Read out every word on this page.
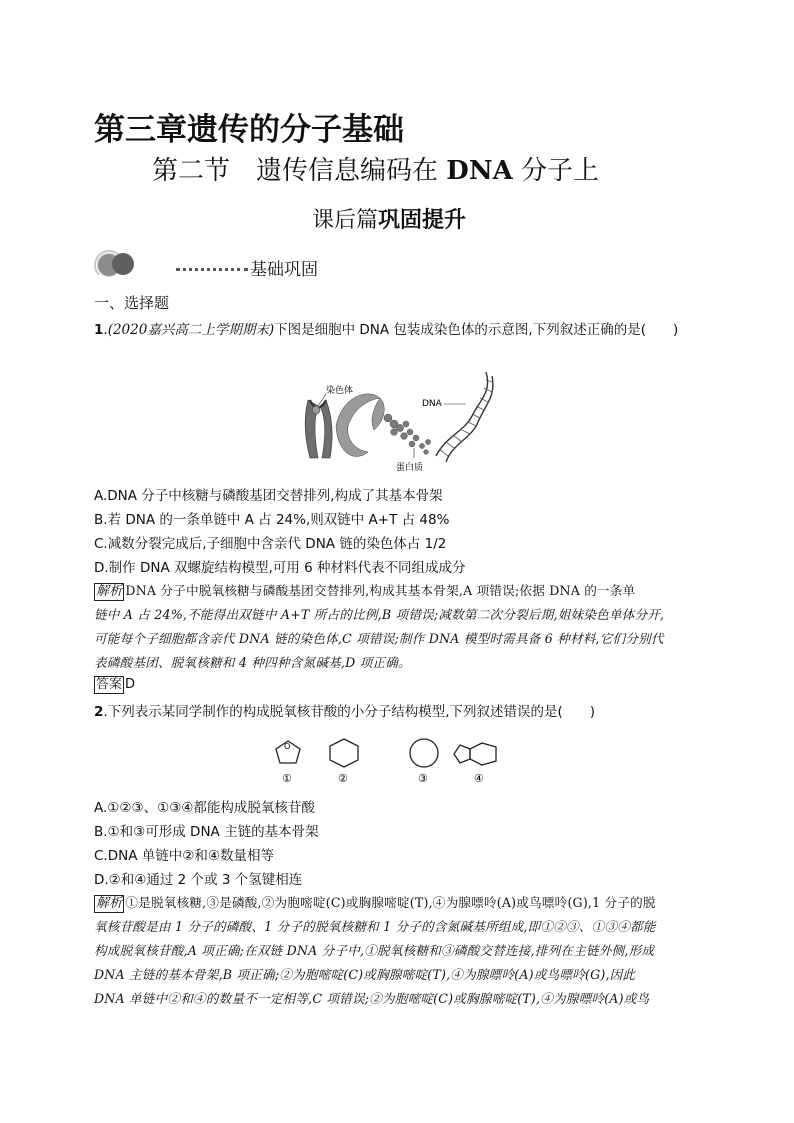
第三章遗传的分子基础
第二节 遗传信息编码在 DNA 分子上
课后篇巩固提升
基础巩固
一、选择题
1.(2020嘉兴高二上学期期末)下图是细胞中 DNA 包装成染色体的示意图,下列叙述正确的是(　　)
染色体
DNA
蛋白质
A.DNA 分子中核糖与磷酸基团交替排列,构成了其基本骨架
B.若 DNA 的一条单链中 A 占 24%,则双链中 A+T 占 48%
C.减数分裂完成后,子细胞中含亲代 DNA 链的染色体占 1/2
D.制作 DNA 双螺旋结构模型,可用 6 种材料代表不同组成成分
解析 DNA 分子中脱氧核糖与磷酸基团交替排列,构成其基本骨架,A 项错误;依据 DNA 的一条单
链中 A 占 24%,不能得出双链中 A+T 所占的比例,B 项错误;减数第二次分裂后期,姐妹染色单体分开,
可能每个子细胞都含亲代 DNA 链的染色体,C 项错误;制作 DNA 模型时需具备 6 种材料,它们分别代
表磷酸基团、脱氧核糖和 4 种四种含氮碱基,D 项正确。
答案 D
2.下列表示某同学制作的构成脱氧核苷酸的小分子结构模型,下列叙述错误的是(　　)
O
①	②	③	④
A.①②③、①③④都能构成脱氧核苷酸
B.①和③可形成 DNA 主链的基本骨架
C.DNA 单链中②和④数量相等
D.②和④通过 2 个或 3 个氢键相连
解析 ①是脱氧核糖,③是磷酸,②为胞嘧啶(C)或胸腺嘧啶(T),④为腺嘌呤(A)或鸟嘌呤(G),1 分子的脱
氧核苷酸是由 1 分子的磷酸、1 分子的脱氧核糖和 1 分子的含氮碱基所组成,即①②③、①③④都能
构成脱氧核苷酸,A 项正确;在双链 DNA 分子中,①脱氧核糖和③磷酸交替连接,排列在主链外侧,形成
DNA 主链的基本骨架,B 项正确;②为胞嘧啶(C)或胸腺嘧啶(T),④为腺嘌呤(A)或鸟嘌呤(G),因此
DNA 单链中②和④的数量不一定相等,C 项错误;②为胞嘧啶(C)或胸腺嘧啶(T),④为腺嘌呤(A)或鸟
